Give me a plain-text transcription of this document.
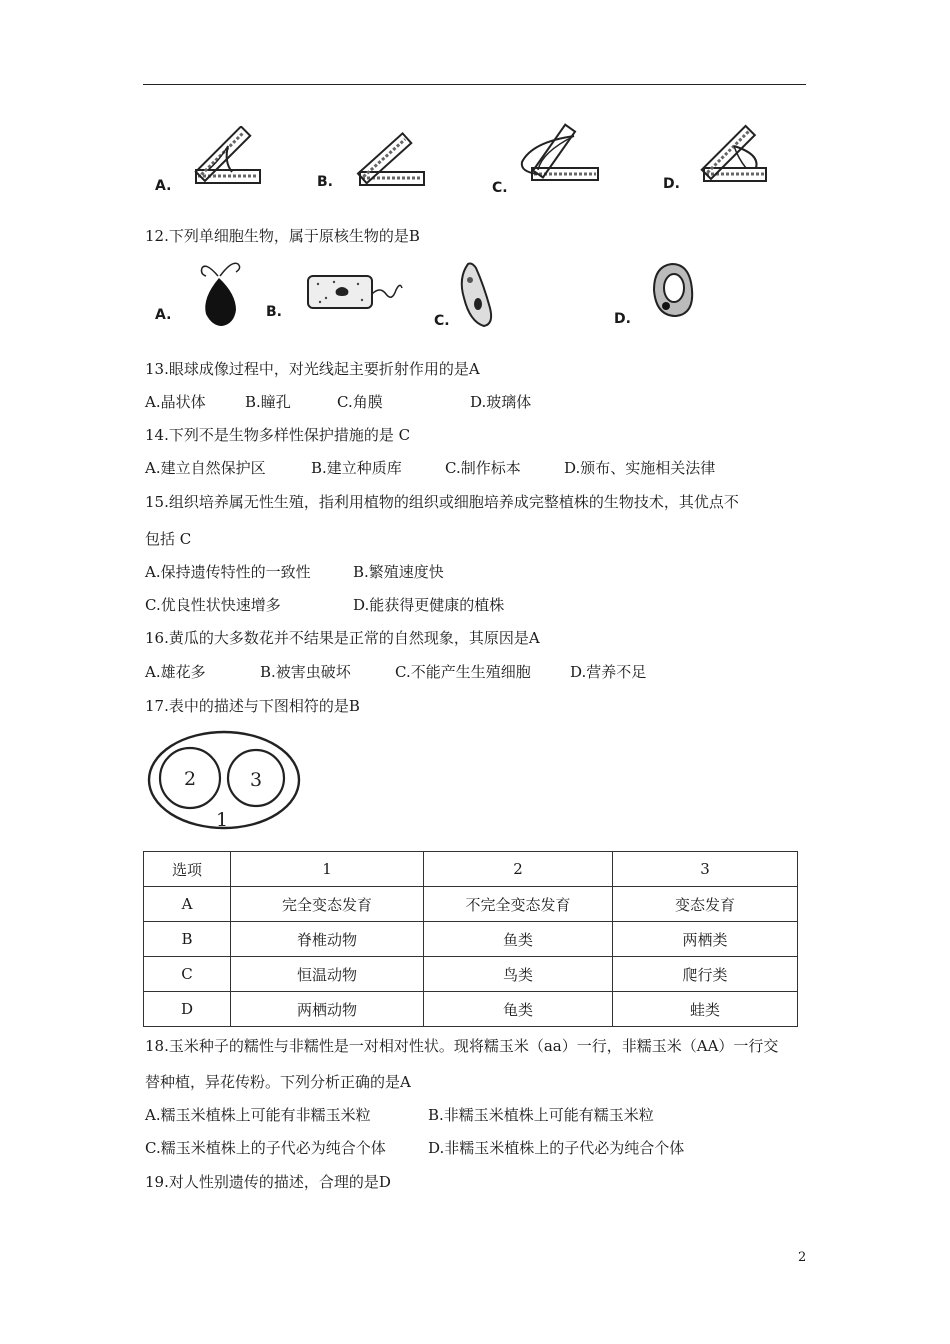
A.	B.	C.	D.
12.下列单细胞生物，属于原核生物的是B
A.	B.
C.	D.
13.眼球成像过程中，对光线起主要折射作用的是A
A.晶状体	B.瞳孔	C.角膜	D.玻璃体
14.下列不是生物多样性保护措施的是 C
A.建立自然保护区	B.建立种质库	C.制作标本	D.颁布、实施相关法律
15.组织培养属无性生殖，指利用植物的组织或细胞培养成完整植株的生物技术，其优点不
包括 C
A.保持遗传特性的一致性	B.繁殖速度快
C.优良性状快速增多	D.能获得更健康的植株
16.黄瓜的大多数花并不结果是正常的自然现象，其原因是A
A.雄花多	B.被害虫破坏	C.不能产生生殖细胞	D.营养不足
17.表中的描述与下图相符的是B
2	3
1
选项	1	2	3
A	完全变态发育	不完全变态发育	变态发育
B	脊椎动物	鱼类	两栖类
C	恒温动物	鸟类	爬行类
D	两栖动物	龟类	蛙类
18.玉米种子的糯性与非糯性是一对相对性状。现将糯玉米（aa）一行，非糯玉米（AA）一行交
替种植，异花传粉。下列分析正确的是A
A.糯玉米植株上可能有非糯玉米粒	B.非糯玉米植株上可能有糯玉米粒
C.糯玉米植株上的子代必为纯合个体	D.非糯玉米植株上的子代必为纯合个体
19.对人性别遗传的描述，合理的是D
2
